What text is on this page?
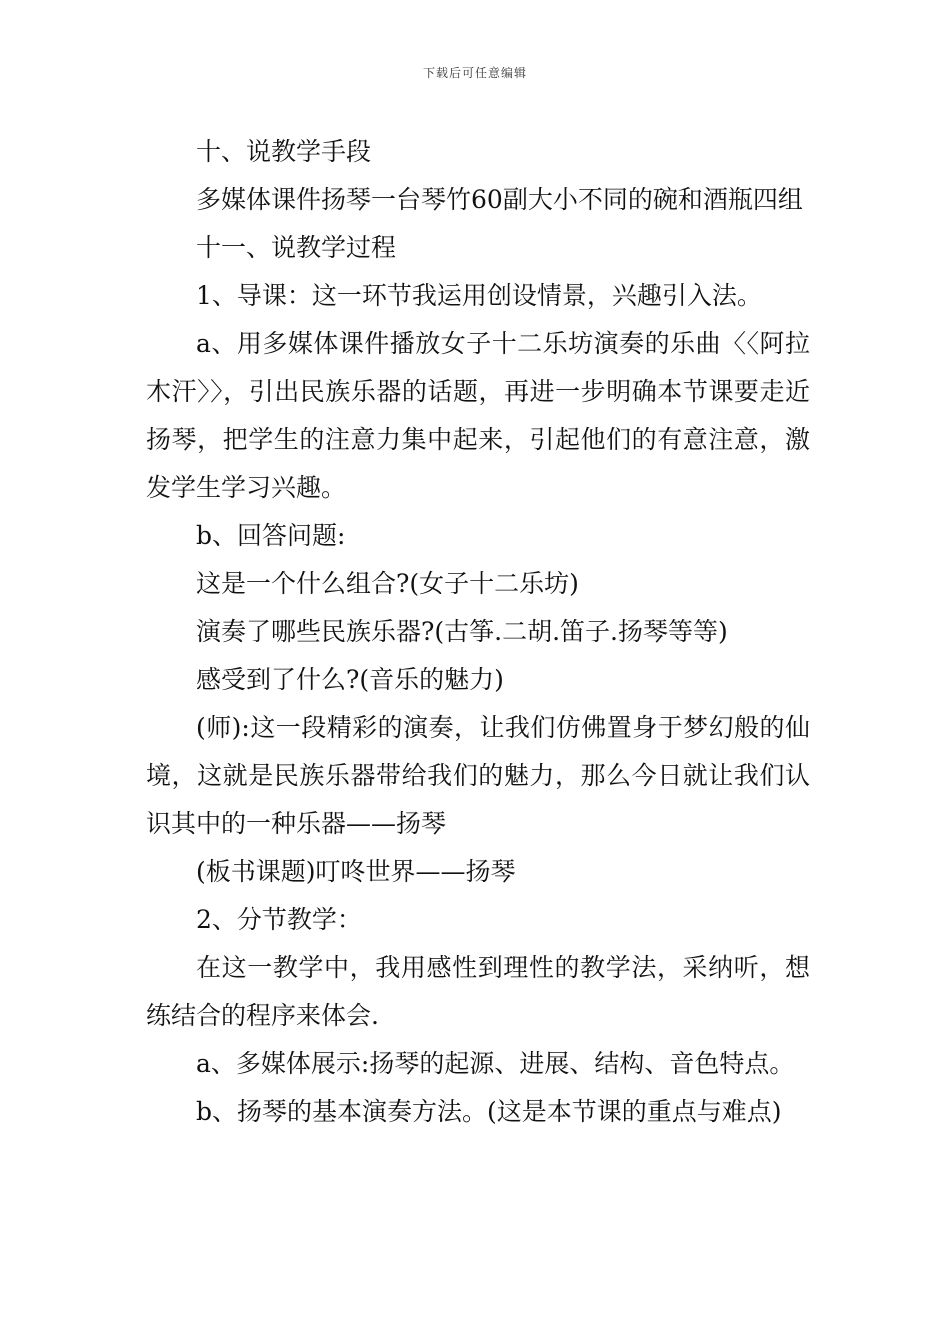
下载后可任意编辑

十、说教学手段

多媒体课件扬琴一台琴竹60副大小不同的碗和酒瓶四组

十一、说教学过程

1、导课：这一环节我运用创设情景，兴趣引入法。

a、用多媒体课件播放女子十二乐坊演奏的乐曲〈〈阿拉木汗〉〉，引出民族乐器的话题，再进一步明确本节课要走近扬琴，把学生的注意力集中起来，引起他们的有意注意，激发学生学习兴趣。

b、回答问题:

这是一个什么组合?(女子十二乐坊)

演奏了哪些民族乐器?(古筝.二胡.笛子.扬琴等等)

感受到了什么?(音乐的魅力)

(师):这一段精彩的演奏，让我们仿佛置身于梦幻般的仙境，这就是民族乐器带给我们的魅力，那么今日就让我们认识其中的一种乐器——扬琴

(板书课题)叮咚世界——扬琴

2、分节教学：

在这一教学中，我用感性到理性的教学法，采纳听，想练结合的程序来体会.

a、多媒体展示:扬琴的起源、进展、结构、音色特点。

b、扬琴的基本演奏方法。(这是本节课的重点与难点)
